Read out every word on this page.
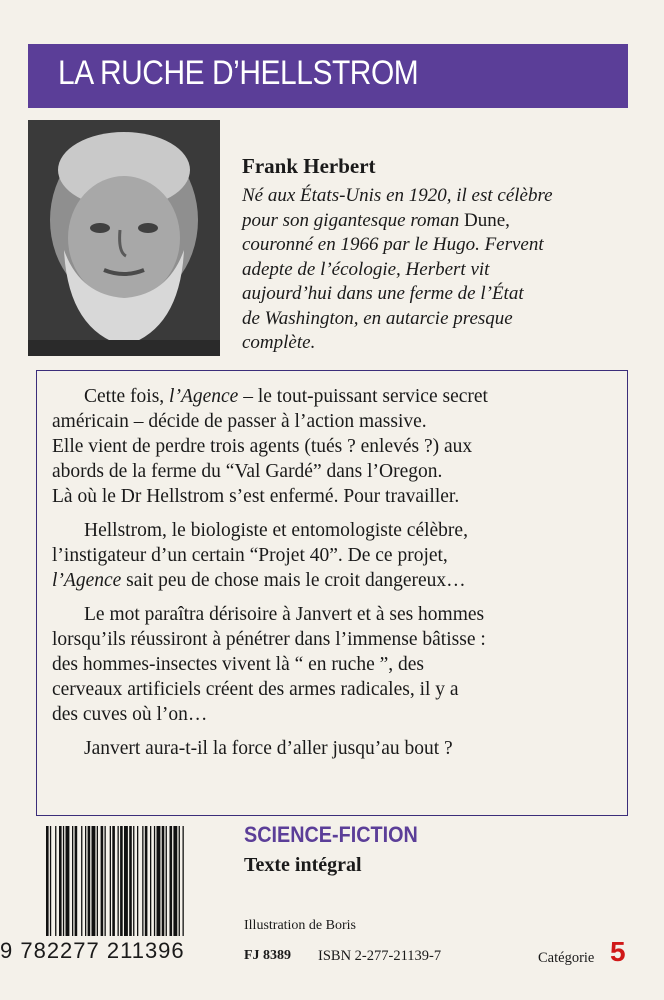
LA RUCHE D’HELLSTROM
Frank Herbert
Né aux États-Unis en 1920, il est célèbre
pour son gigantesque roman Dune,
couronné en 1966 par le Hugo. Fervent
adepte de l’écologie, Herbert vit
aujourd’hui dans une ferme de l’État
de Washington, en autarcie presque
complète.

Cette fois, l’Agence – le tout-puissant service secret
américain – décide de passer à l’action massive.
Elle vient de perdre trois agents (tués ? enlevés ?) aux
abords de la ferme du “Val Gardé” dans l’Oregon.
Là où le Dr Hellstrom s’est enfermé. Pour travailler.

Hellstrom, le biologiste et entomologiste célèbre,
l’instigateur d’un certain “Projet 40”. De ce projet,
l’Agence sait peu de chose mais le croit dangereux…

Le mot paraîtra dérisoire à Janvert et à ses hommes
lorsqu’ils réussiront à pénétrer dans l’immense bâtisse :
des hommes-insectes vivent là “ en ruche ”, des
cerveaux artificiels créent des armes radicales, il y a
des cuves où l’on…

Janvert aura-t-il la force d’aller jusqu’au bout ?

9 782277 211396
SCIENCE-FICTION
Texte intégral
Illustration de Boris
FJ 8389 ISBN 2-277-21139-7	Catégorie 5
